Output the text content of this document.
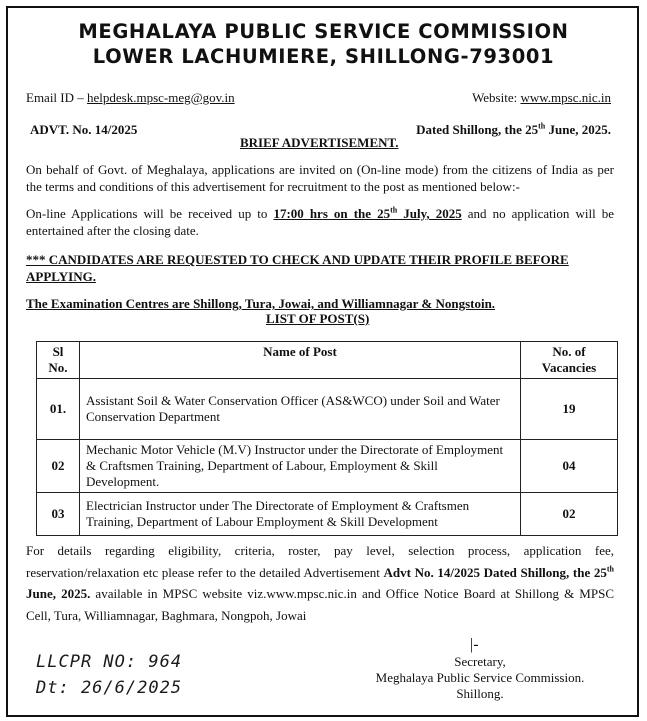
MEGHALAYA PUBLIC SERVICE COMMISSION
LOWER LACHUMIERE, SHILLONG-793001
Email ID – helpdesk.mpsc-meg@gov.in	Website: www.mpsc.nic.in
ADVT. No. 14/2025	Dated Shillong, the 25th June, 2025.
BRIEF ADVERTISEMENT.
On behalf of Govt. of Meghalaya, applications are invited on (On-line mode) from the citizens of India as per the terms and conditions of this advertisement for recruitment to the post as mentioned below:-
On-line Applications will be received up to 17:00 hrs on the 25th July, 2025 and no application will be entertained after the closing date.
*** CANDIDATES ARE REQUESTED TO CHECK AND UPDATE THEIR PROFILE BEFORE APPLYING.
The Examination Centres are Shillong, Tura, Jowai, and Williamnagar & Nongstoin.
LIST OF POST(S)
Sl No.	Name of Post	No. of Vacancies
01.	Assistant Soil & Water Conservation Officer (AS&WCO) under Soil and Water Conservation Department	19
02	Mechanic Motor Vehicle (M.V) Instructor under the Directorate of Employment & Craftsmen Training, Department of Labour, Employment & Skill Development.	04
03	Electrician Instructor under The Directorate of Employment & Craftsmen Training, Department of Labour Employment & Skill Development	02
For details regarding eligibility, criteria, roster, pay level, selection process, application fee, reservation/relaxation etc please refer to the detailed Advertisement Advt No. 14/2025 Dated Shillong, the 25th June, 2025. available in MPSC website viz.www.mpsc.nic.in and Office Notice Board at Shillong & MPSC Cell, Tura, Williamnagar, Baghmara, Nongpoh, Jowai
LLCPR NO: 964
Dt: 26/6/2025
|-
Secretary,
Meghalaya Public Service Commission.
Shillong.
